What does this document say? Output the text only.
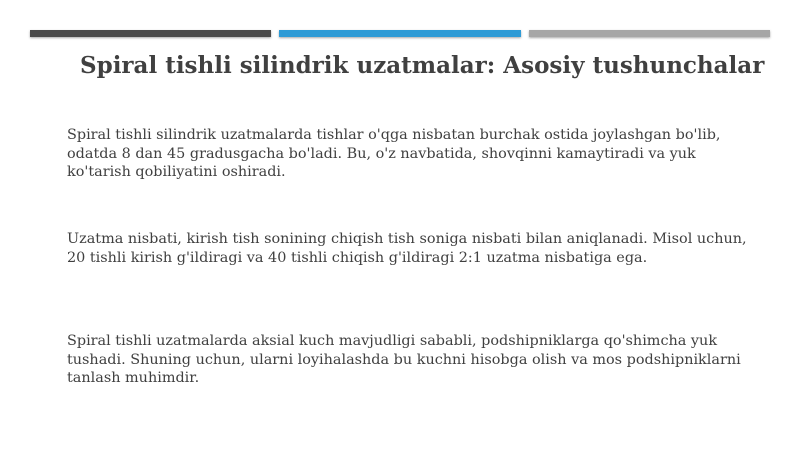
Spiral tishli silindrik uzatmalar: Asosiy tushunchalar

Spiral tishli silindrik uzatmalarda tishlar o'qga nisbatan burchak ostida joylashgan bo'lib, odatda 8 dan 45 gradusgacha bo'ladi. Bu, o'z navbatida, shovqinni kamaytiradi va yuk ko'tarish qobiliyatini oshiradi.

Uzatma nisbati, kirish tish sonining chiqish tish soniga nisbati bilan aniqlanadi. Misol uchun, 20 tishli kirish g'ildiragi va 40 tishli chiqish g'ildiragi 2:1 uzatma nisbatiga ega.

Spiral tishli uzatmalarda aksial kuch mavjudligi sababli, podshipniklarga qo'shimcha yuk tushadi. Shuning uchun, ularni loyihalashda bu kuchni hisobga olish va mos podshipniklarni tanlash muhimdir.
